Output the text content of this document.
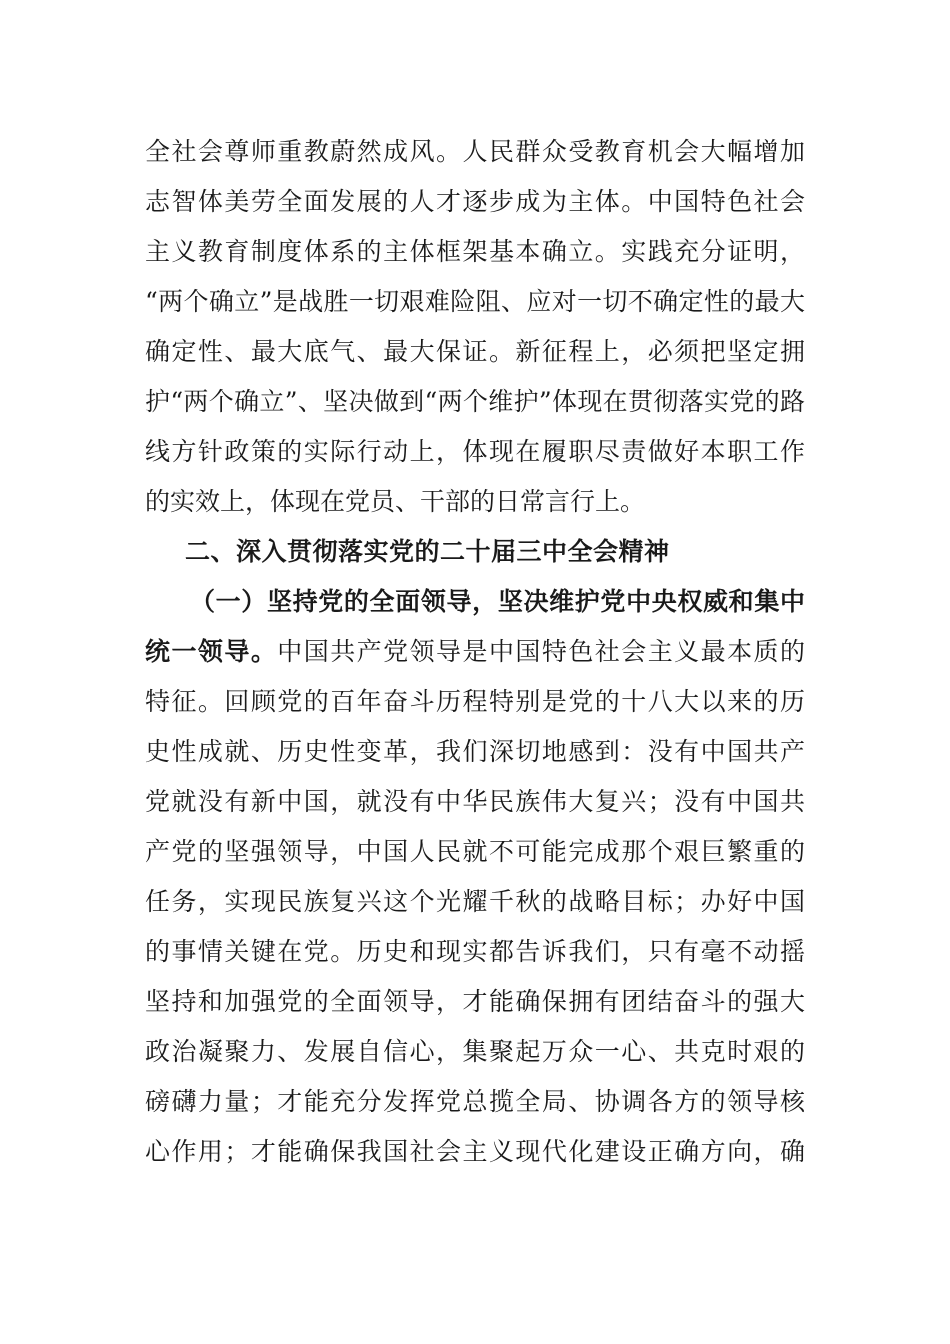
全社会尊师重教蔚然成风。人民群众受教育机会大幅增加
志智体美劳全面发展的人才逐步成为主体。中国特色社会
主义教育制度体系的主体框架基本确立。实践充分证明，
“两个确立”是战胜一切艰难险阻、应对一切不确定性的最大
确定性、最大底气、最大保证。新征程上，必须把坚定拥
护“两个确立”、坚决做到“两个维护”体现在贯彻落实党的路
线方针政策的实际行动上，体现在履职尽责做好本职工作
的实效上，体现在党员、干部的日常言行上。
二、深入贯彻落实党的二十届三中全会精神
（一）坚持党的全面领导，坚决维护党中央权威和集中
统一领导。中国共产党领导是中国特色社会主义最本质的
特征。回顾党的百年奋斗历程特别是党的十八大以来的历
史性成就、历史性变革，我们深切地感到：没有中国共产
党就没有新中国，就没有中华民族伟大复兴；没有中国共
产党的坚强领导，中国人民就不可能完成那个艰巨繁重的
任务，实现民族复兴这个光耀千秋的战略目标；办好中国
的事情关键在党。历史和现实都告诉我们，只有毫不动摇
坚持和加强党的全面领导，才能确保拥有团结奋斗的强大
政治凝聚力、发展自信心，集聚起万众一心、共克时艰的
磅礴力量；才能充分发挥党总揽全局、协调各方的领导核
心作用；才能确保我国社会主义现代化建设正确方向，确
